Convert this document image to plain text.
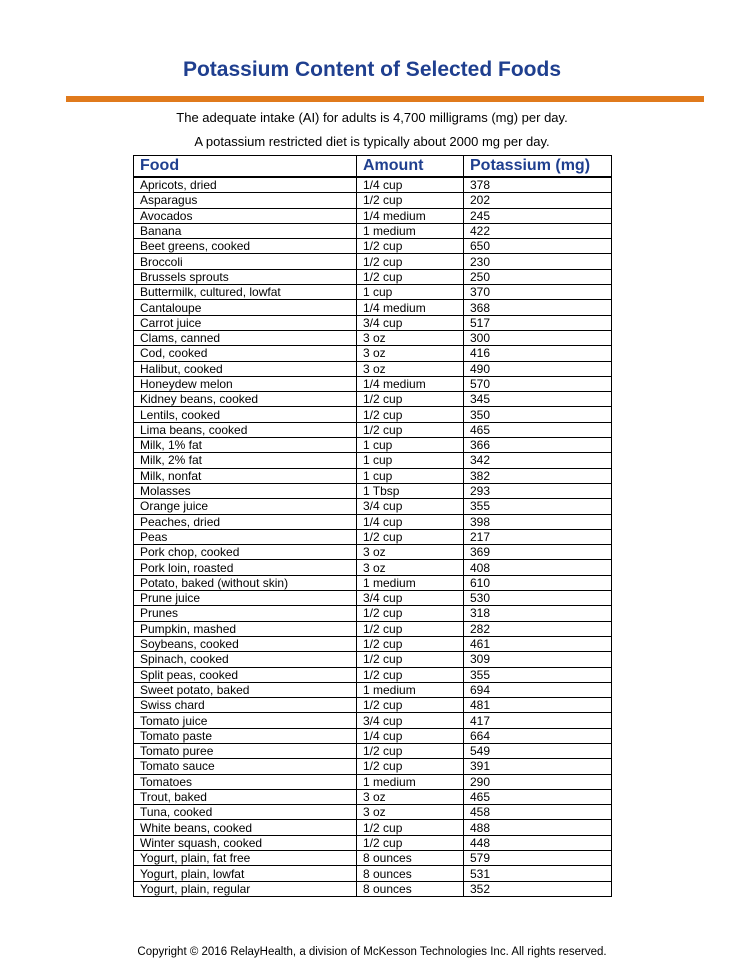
Potassium Content of Selected Foods

The adequate intake (AI) for adults is 4,700 milligrams (mg) per day.

A potassium restricted diet is typically about 2000 mg per day.

Food	Amount	Potassium (mg)
Apricots, dried	1/4 cup	378
Asparagus	1/2 cup	202
Avocados	1/4 medium	245
Banana	1 medium	422
Beet greens, cooked	1/2 cup	650
Broccoli	1/2 cup	230
Brussels sprouts	1/2 cup	250
Buttermilk, cultured, lowfat	1 cup	370
Cantaloupe	1/4 medium	368
Carrot juice	3/4 cup	517
Clams, canned	3 oz	300
Cod, cooked	3 oz	416
Halibut, cooked	3 oz	490
Honeydew melon	1/4 medium	570
Kidney beans, cooked	1/2 cup	345
Lentils, cooked	1/2 cup	350
Lima beans, cooked	1/2 cup	465
Milk, 1% fat	1 cup	366
Milk, 2% fat	1 cup	342
Milk, nonfat	1 cup	382
Molasses	1 Tbsp	293
Orange juice	3/4 cup	355
Peaches, dried	1/4 cup	398
Peas	1/2 cup	217
Pork chop, cooked	3 oz	369
Pork loin, roasted	3 oz	408
Potato, baked (without skin)	1 medium	610
Prune juice	3/4 cup	530
Prunes	1/2 cup	318
Pumpkin, mashed	1/2 cup	282
Soybeans, cooked	1/2 cup	461
Spinach, cooked	1/2 cup	309
Split peas, cooked	1/2 cup	355
Sweet potato, baked	1 medium	694
Swiss chard	1/2 cup	481
Tomato juice	3/4 cup	417
Tomato paste	1/4 cup	664
Tomato puree	1/2 cup	549
Tomato sauce	1/2 cup	391
Tomatoes	1 medium	290
Trout, baked	3 oz	465
Tuna, cooked	3 oz	458
White beans, cooked	1/2 cup	488
Winter squash, cooked	1/2 cup	448
Yogurt, plain, fat free	8 ounces	579
Yogurt, plain, lowfat	8 ounces	531
Yogurt, plain, regular	8 ounces	352

Copyright © 2016 RelayHealth, a division of McKesson Technologies Inc. All rights reserved.
